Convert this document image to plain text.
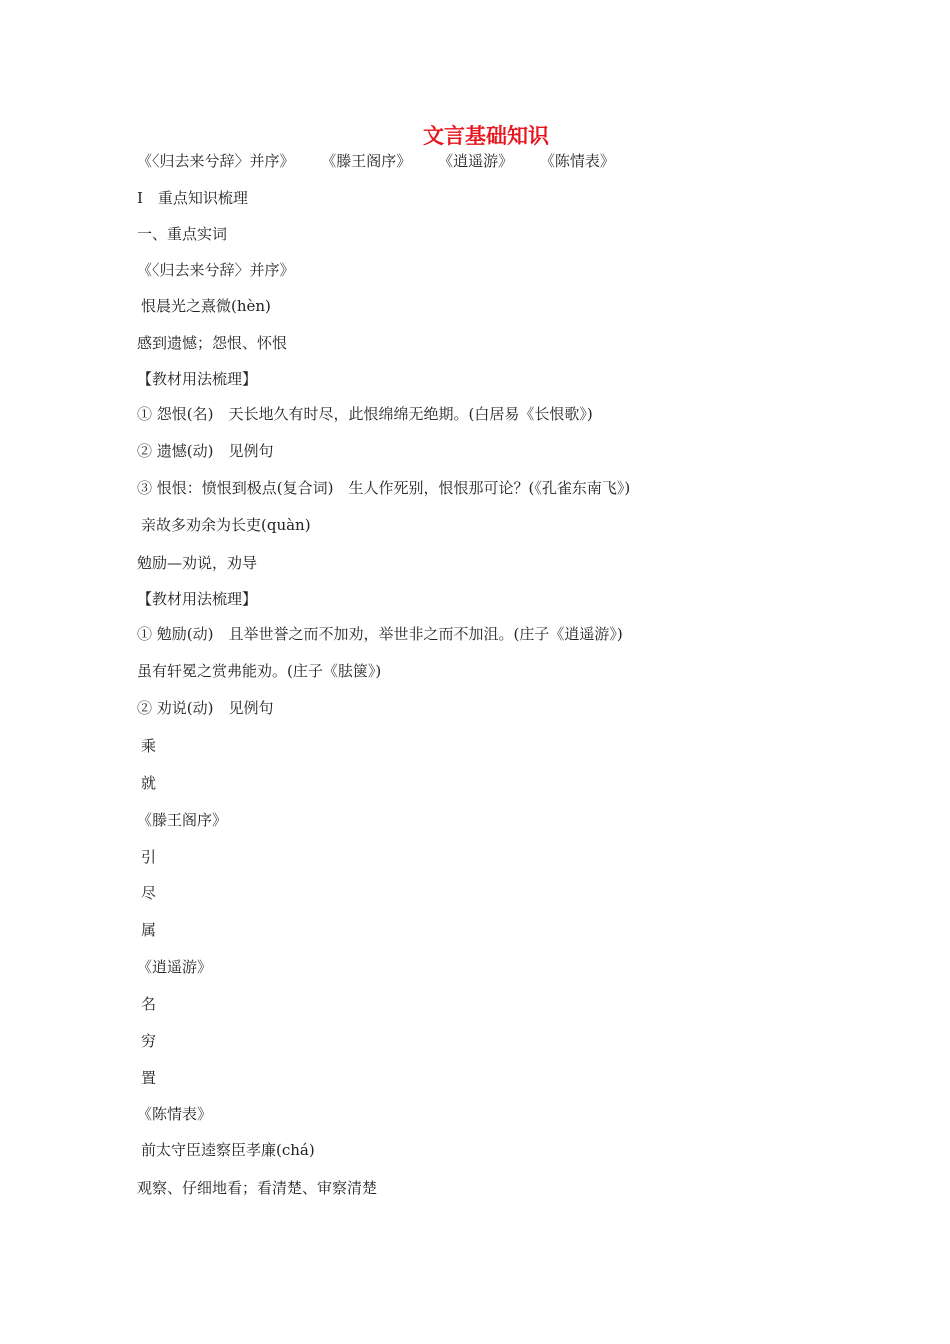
文言基础知识
《〈归去来兮辞〉并序》 《滕王阁序》 《逍遥游》 《陈情表》
Ⅰ　重点知识梳理
一、重点实词
《〈归去来兮辞〉并序》
恨晨光之熹微(hèn)
感到遗憾；怨恨、怀恨
【教材用法梳理】
① 怨恨(名)　天长地久有时尽，此恨绵绵无绝期。(白居易《长恨歌》)
② 遗憾(动)　见例句
③ 恨恨：愤恨到极点(复合词)　生人作死别，恨恨那可论？(《孔雀东南飞》)
亲故多劝余为长吏(quàn)
勉励—劝说，劝导
【教材用法梳理】
① 勉励(动)　且举世誉之而不加劝，举世非之而不加沮。(庄子《逍遥游》)
虽有轩冕之赏弗能劝。(庄子《胠箧》)
② 劝说(动)　见例句
乘
就
《滕王阁序》
引
尽
属
《逍遥游》
名
穷
置
《陈情表》
前太守臣逵察臣孝廉(chá)
观察、仔细地看；看清楚、审察清楚
